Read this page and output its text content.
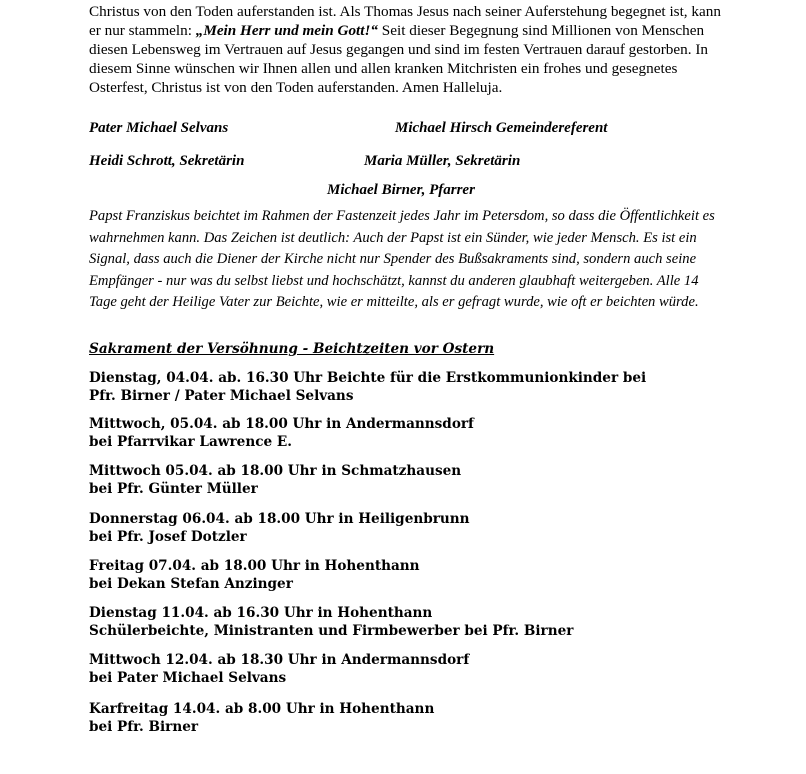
Christus von den Toden auferstanden ist. Als Thomas Jesus nach seiner Auferstehung begegnet ist, kann er nur stammeln: „Mein Herr und mein Gott!“ Seit dieser Begegnung sind Millionen von Menschen diesen Lebensweg im Vertrauen auf Jesus gegangen und sind im festen Vertrauen darauf gestorben. In diesem Sinne wünschen wir Ihnen allen und allen kranken Mitchristen ein frohes und gesegnetes Osterfest, Christus ist von den Toden auferstanden. Amen Halleluja.
Pater Michael Selvans	Michael Hirsch Gemeindereferent
Heidi Schrott, Sekretärin	Maria Müller, Sekretärin
Michael Birner, Pfarrer
Papst Franziskus beichtet im Rahmen der Fastenzeit jedes Jahr im Petersdom, so dass die Öffentlichkeit es wahrnehmen kann. Das Zeichen ist deutlich: Auch der Papst ist ein Sünder, wie jeder Mensch. Es ist ein Signal, dass auch die Diener der Kirche nicht nur Spender des Bußsakraments sind, sondern auch seine Empfänger - nur was du selbst liebst und hochschätzt, kannst du anderen glaubhaft weitergeben. Alle 14 Tage geht der Heilige Vater zur Beichte, wie er mitteilte, als er gefragt wurde, wie oft er beichten würde.
Sakrament der Versöhnung - Beichtzeiten vor Ostern
Dienstag, 04.04. ab. 16.30 Uhr Beichte für die Erstkommunionkinder bei
Pfr. Birner / Pater Michael Selvans
Mittwoch, 05.04. ab 18.00 Uhr in Andermannsdorf
bei Pfarrvikar Lawrence E.
Mittwoch 05.04. ab 18.00 Uhr in Schmatzhausen
bei Pfr. Günter Müller
Donnerstag 06.04. ab 18.00 Uhr in Heiligenbrunn
bei Pfr. Josef Dotzler
Freitag 07.04. ab 18.00 Uhr in Hohenthann
bei Dekan Stefan Anzinger
Dienstag 11.04. ab 16.30 Uhr in Hohenthann
Schülerbeichte, Ministranten und Firmbewerber bei Pfr. Birner
Mittwoch 12.04. ab 18.30 Uhr in Andermannsdorf
bei Pater Michael Selvans
Karfreitag 14.04. ab 8.00 Uhr in Hohenthann
bei Pfr. Birner
